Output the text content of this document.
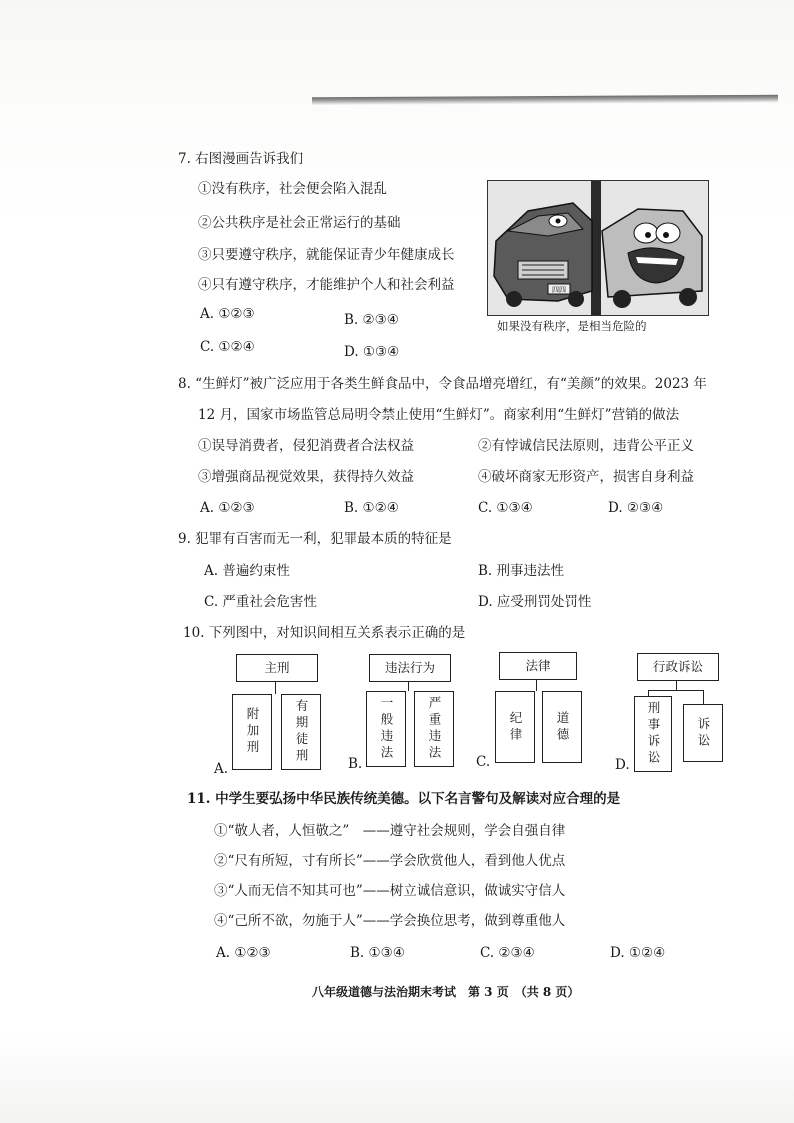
7. 右图漫画告诉我们
①没有秩序，社会便会陷入混乱
②公共秩序是社会正常运行的基础
③只要遵守秩序，就能保证青少年健康成长
④只有遵守秩序，才能维护个人和社会利益
A. ①②③	B. ②③④
C. ①②④	D. ①③④
四四
如果没有秩序，是相当危险的
8. “生鲜灯”被广泛应用于各类生鲜食品中，令食品增亮增红，有“美颜”的效果。2023 年
12 月，国家市场监管总局明令禁止使用“生鲜灯”。商家利用“生鲜灯”营销的做法
①误导消费者，侵犯消费者合法权益	②有悖诚信民法原则，违背公平正义
③增强商品视觉效果，获得持久效益	④破坏商家无形资产，损害自身利益
A. ①②③	B. ①②④	C. ①③④	D. ②③④
9. 犯罪有百害而无一利，犯罪最本质的特征是
A. 普遍约束性	B. 刑事违法性
C. 严重社会危害性	D. 应受刑罚处罚性
10. 下列图中，对知识间相互关系表示正确的是
主刑
附加刑	有期徒刑
A.
违法行为
一般违法	严重违法
B.
法律
纪律	道德
C.
行政诉讼
刑事诉讼	诉讼
D.
11. 中学生要弘扬中华民族传统美德。以下名言警句及解读对应合理的是
①“敬人者，人恒敬之”　——遵守社会规则，学会自强自律
②“尺有所短，寸有所长”——学会欣赏他人，看到他人优点
③“人而无信不知其可也”——树立诚信意识，做诚实守信人
④“己所不欲，勿施于人”——学会换位思考，做到尊重他人
A. ①②③	B. ①③④	C. ②③④	D. ①②④
八年级道德与法治期末考试　第 3 页　（共 8 页）
